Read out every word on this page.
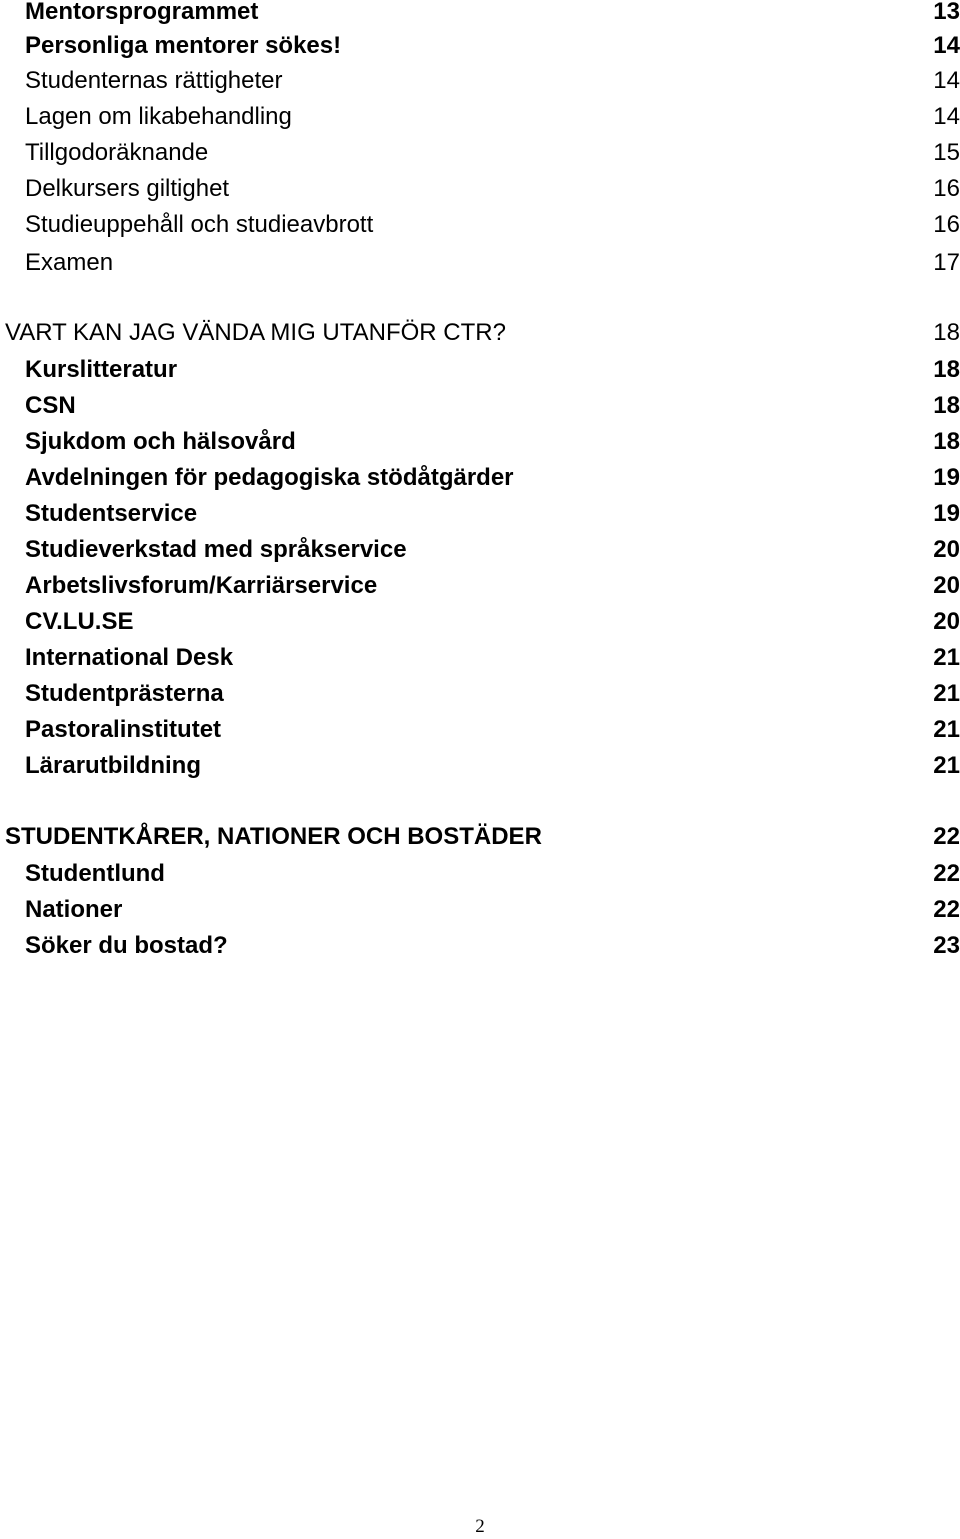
Mentorsprogrammet	13
Personliga mentorer sökes!	14
Studenternas rättigheter	14
Lagen om likabehandling	14
Tillgodoräknande	15
Delkursers giltighet	16
Studieuppehåll och studieavbrott	16
Examen	17
VART KAN JAG VÄNDA MIG UTANFÖR CTR?	18
Kurslitteratur	18
CSN	18
Sjukdom och hälsovård	18
Avdelningen för pedagogiska stödåtgärder	19
Studentservice	19
Studieverkstad med språkservice	20
Arbetslivsforum/Karriärservice	20
CV.LU.SE	20
International Desk	21
Studentprästerna	21
Pastoralinstitutet	21
Lärarutbildning	21
STUDENTKÅRER, NATIONER OCH BOSTÄDER	22
Studentlund	22
Nationer	22
Söker du bostad?	23
2
